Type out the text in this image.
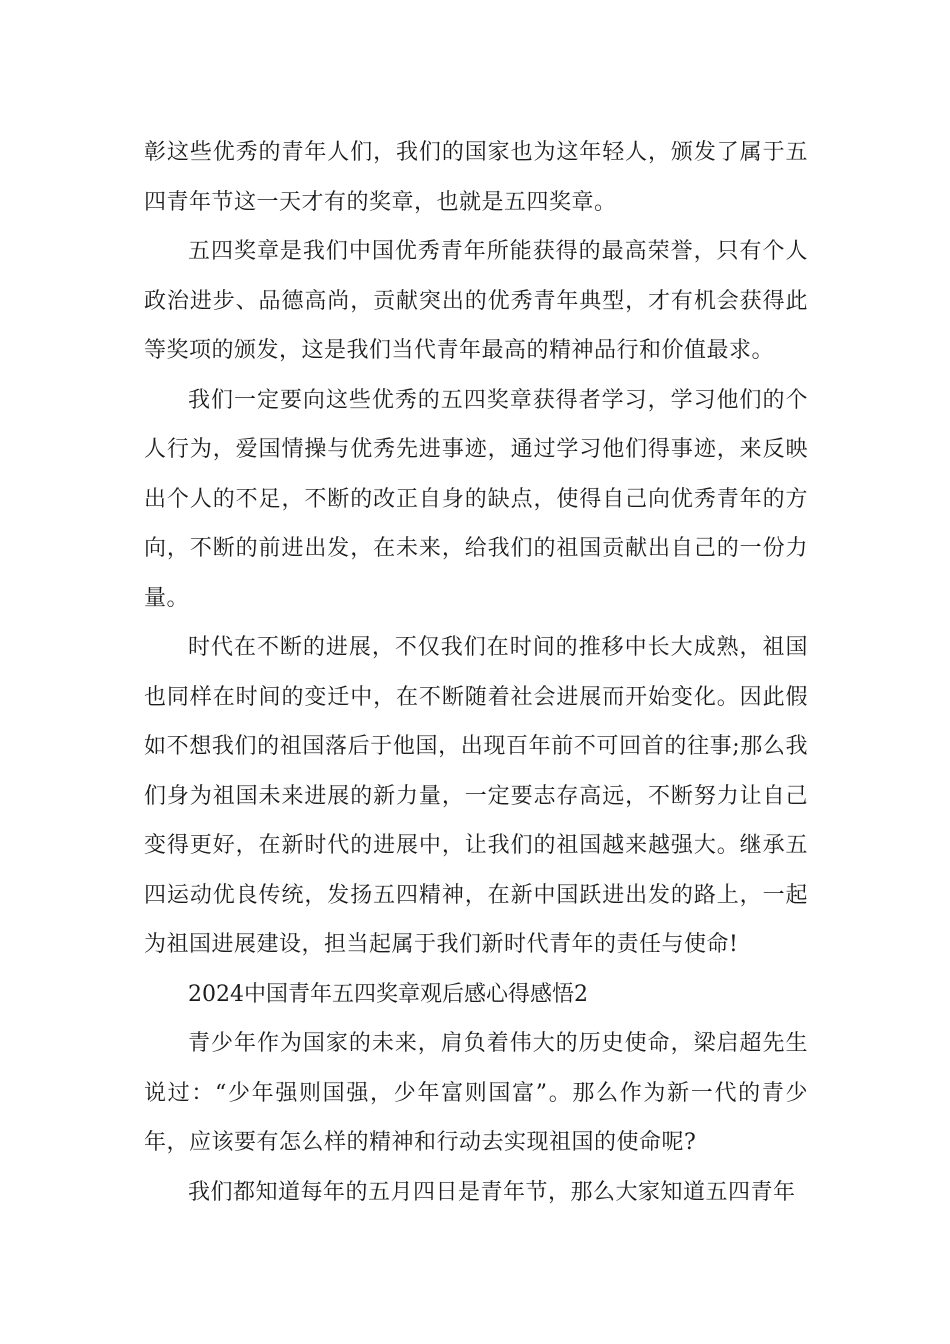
彰这些优秀的青年人们，我们的国家也为这年轻人，颁发了属于五四青年节这一天才有的奖章，也就是五四奖章。

五四奖章是我们中国优秀青年所能获得的最高荣誉，只有个人政治进步、品德高尚，贡献突出的优秀青年典型，才有机会获得此等奖项的颁发，这是我们当代青年最高的精神品行和价值最求。

我们一定要向这些优秀的五四奖章获得者学习，学习他们的个人行为，爱国情操与优秀先进事迹，通过学习他们得事迹，来反映出个人的不足，不断的改正自身的缺点，使得自己向优秀青年的方向，不断的前进出发，在未来，给我们的祖国贡献出自己的一份力量。

时代在不断的进展，不仅我们在时间的推移中长大成熟，祖国也同样在时间的变迁中，在不断随着社会进展而开始变化。因此假如不想我们的祖国落后于他国，出现百年前不可回首的往事;那么我们身为祖国未来进展的新力量，一定要志存高远，不断努力让自己变得更好，在新时代的进展中，让我们的祖国越来越强大。继承五四运动优良传统，发扬五四精神，在新中国跃进出发的路上，一起为祖国进展建设，担当起属于我们新时代青年的责任与使命!

2024中国青年五四奖章观后感心得感悟2

青少年作为国家的未来，肩负着伟大的历史使命，梁启超先生说过：“少年强则国强，少年富则国富”。那么作为新一代的青少年，应该要有怎么样的精神和行动去实现祖国的使命呢?

我们都知道每年的五月四日是青年节，那么大家知道五四青年
